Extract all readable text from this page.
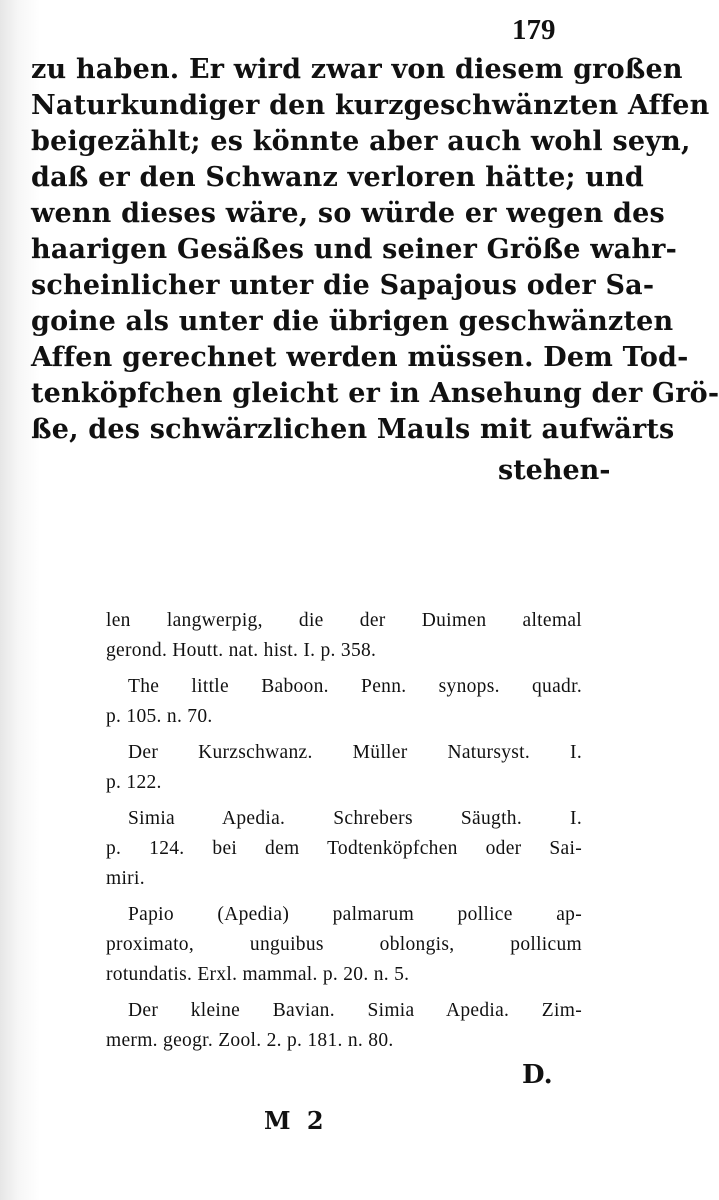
179
zu haben. Er wird zwar von diesem großen
Naturkundiger den kurzgeschwänzten Affen
beigezählt; es könnte aber auch wohl seyn,
daß er den Schwanz verloren hätte; und
wenn dieses wäre, so würde er wegen des
haarigen Gesäßes und seiner Größe wahr-
scheinlicher unter die Sapajous oder Sa-
goine als unter die übrigen geschwänzten
Affen gerechnet werden müssen. Dem Tod-
tenköpfchen gleicht er in Ansehung der Grö-
ße, des schwärzlichen Mauls mit aufwärts
stehen-
len langwerpig, die der Duimen altemal
gerond. Houtt. nat. hist. I. p. 358.
The little Baboon. Penn. synops. quadr.
p. 105. n. 70.
Der Kurzschwanz. Müller Natursyst. I.
p. 122.
Simia Apedia. Schrebers Säugth. I.
p. 124. bei dem Todtenköpfchen oder Sai-
miri.
Papio (Apedia) palmarum pollice ap-
proximato, unguibus oblongis, pollicum
rotundatis. Erxl. mammal. p. 20. n. 5.
Der kleine Bavian. Simia Apedia. Zim-
merm. geogr. Zool. 2. p. 181. n. 80.
D.
M 2
